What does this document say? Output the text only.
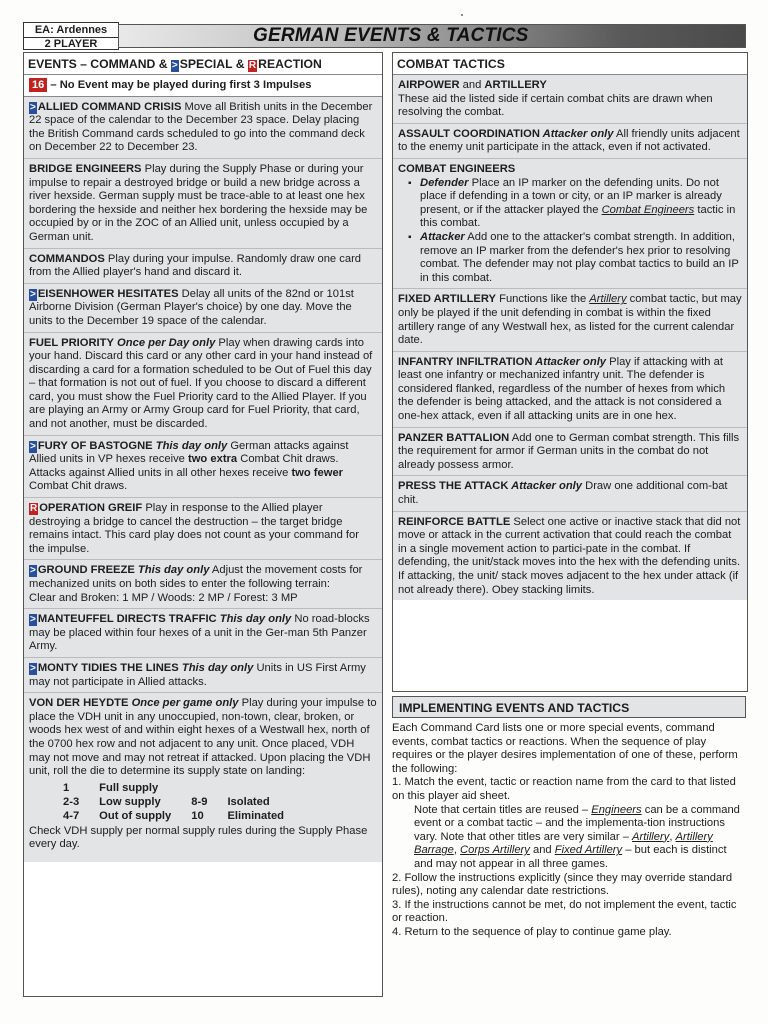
EA: Ardennes
2 PLAYER	GERMAN EVENTS & TACTICS
EVENTS – COMMAND & > SPECIAL & R REACTION
16 – No Event may be played during first 3 Impulses

> ALLIED COMMAND CRISIS Move all British units in the December 22 space of the calendar to the December 23 space. Delay placing the British Command cards scheduled to go into the command deck on December 22 to December 23.

BRIDGE ENGINEERS Play during the Supply Phase or during your impulse to repair a destroyed bridge or build a new bridge across a river hexside. German supply must be trace-able to at least one hex bordering the hexside and neither hex bordering the hexside may be occupied by or in the ZOC of an Allied unit, unless occupied by a German unit.

COMMANDOS Play during your impulse. Randomly draw one card from the Allied player's hand and discard it.

> EISENHOWER HESITATES Delay all units of the 82nd or 101st Airborne Division (German Player's choice) by one day. Move the units to the December 19 space of the calendar.

FUEL PRIORITY Once per Day only Play when drawing cards into your hand. Discard this card or any other card in your hand instead of discarding a card for a formation scheduled to be Out of Fuel this day – that formation is not out of fuel. If you choose to discard a different card, you must show the Fuel Priority card to the Allied Player. If you are playing an Army or Army Group card for Fuel Priority, that card, and not another, must be discarded.

> FURY OF BASTOGNE This day only German attacks against Allied units in VP hexes receive two extra Combat Chit draws. Attacks against Allied units in all other hexes receive two fewer Combat Chit draws.

R OPERATION GREIF Play in response to the Allied player destroying a bridge to cancel the destruction – the target bridge remains intact. This card play does not count as your command for the impulse.

> GROUND FREEZE This day only Adjust the movement costs for mechanized units on both sides to enter the following terrain:

Clear and Broken: 1 MP / Woods: 2 MP / Forest: 3 MP

> MANTEUFFEL DIRECTS TRAFFIC This day only No road-blocks may be placed within four hexes of a unit in the Ger-man 5th Panzer Army.

> MONTY TIDIES THE LINES This day only Units in US First Army may not participate in Allied attacks.

VON DER HEYDTE Once per game only Play during your impulse to place the VDH unit in any unoccupied, non-town, clear, broken, or woods hex west of and within eight hexes of a Westwall hex, north of the 0700 hex row and not adjacent to any unit. Once placed, VDH may not move and may not retreat if attacked. Upon placing the VDH unit, roll the die to determine its supply state on landing:

1	Full supply		
2-3	Low supply	8-9	Isolated
4-7	Out of supply	10	Eliminated

Check VDH supply per normal supply rules during the Supply Phase every day.

COMBAT TACTICS

AIRPOWER and ARTILLERY

These aid the listed side if certain combat chits are drawn when resolving the combat.

ASSAULT COORDINATION Attacker only All friendly units adjacent to the enemy unit participate in the attack, even if not activated.

COMBAT ENGINEERS

▪ Defender Place an IP marker on the defending units. Do not place if defending in a town or city, or an IP marker is already present, or if the attacker played the Combat Engineers tactic in this combat.
▪ Attacker Add one to the attacker's combat strength. In addition, remove an IP marker from the defender's hex prior to resolving combat. The defender may not play combat tactics to build an IP in this combat.

FIXED ARTILLERY Functions like the Artillery combat tactic, but may only be played if the unit defending in combat is within the fixed artillery range of any Westwall hex, as listed for the current calendar date.

INFANTRY INFILTRATION Attacker only Play if attacking with at least one infantry or mechanized infantry unit. The defender is considered flanked, regardless of the number of hexes from which the defender is being attacked, and the attack is not considered a one-hex attack, even if all attacking units are in one hex.

PANZER BATTALION Add one to German combat strength. This fills the requirement for armor if German units in the combat do not already possess armor.

PRESS THE ATTACK Attacker only Draw one additional com-bat chit.

REINFORCE BATTLE Select one active or inactive stack that did not move or attack in the current activation that could reach the combat in a single movement action to partici-pate in the combat. If defending, the unit/stack moves into the hex with the defending units. If attacking, the unit/ stack moves adjacent to the hex under attack (if not already there). Obey stacking limits.

IMPLEMENTING EVENTS AND TACTICS

Each Command Card lists one or more special events, command events, combat tactics or reactions. When the sequence of play requires or the player desires implementation of one of these, perform the following:

1. Match the event, tactic or reaction name from the card to that listed on this player aid sheet.

Note that certain titles are reused – Engineers can be a command event or a combat tactic – and the implementa-tion instructions vary. Note that other titles are very similar – Artillery, Artillery Barrage, Corps Artillery and Fixed Artillery – but each is distinct and may not appear in all three games.

2. Follow the instructions explicitly (since they may override standard rules), noting any calendar date restrictions.

3. If the instructions cannot be met, do not implement the event, tactic or reaction.

4. Return to the sequence of play to continue game play.
